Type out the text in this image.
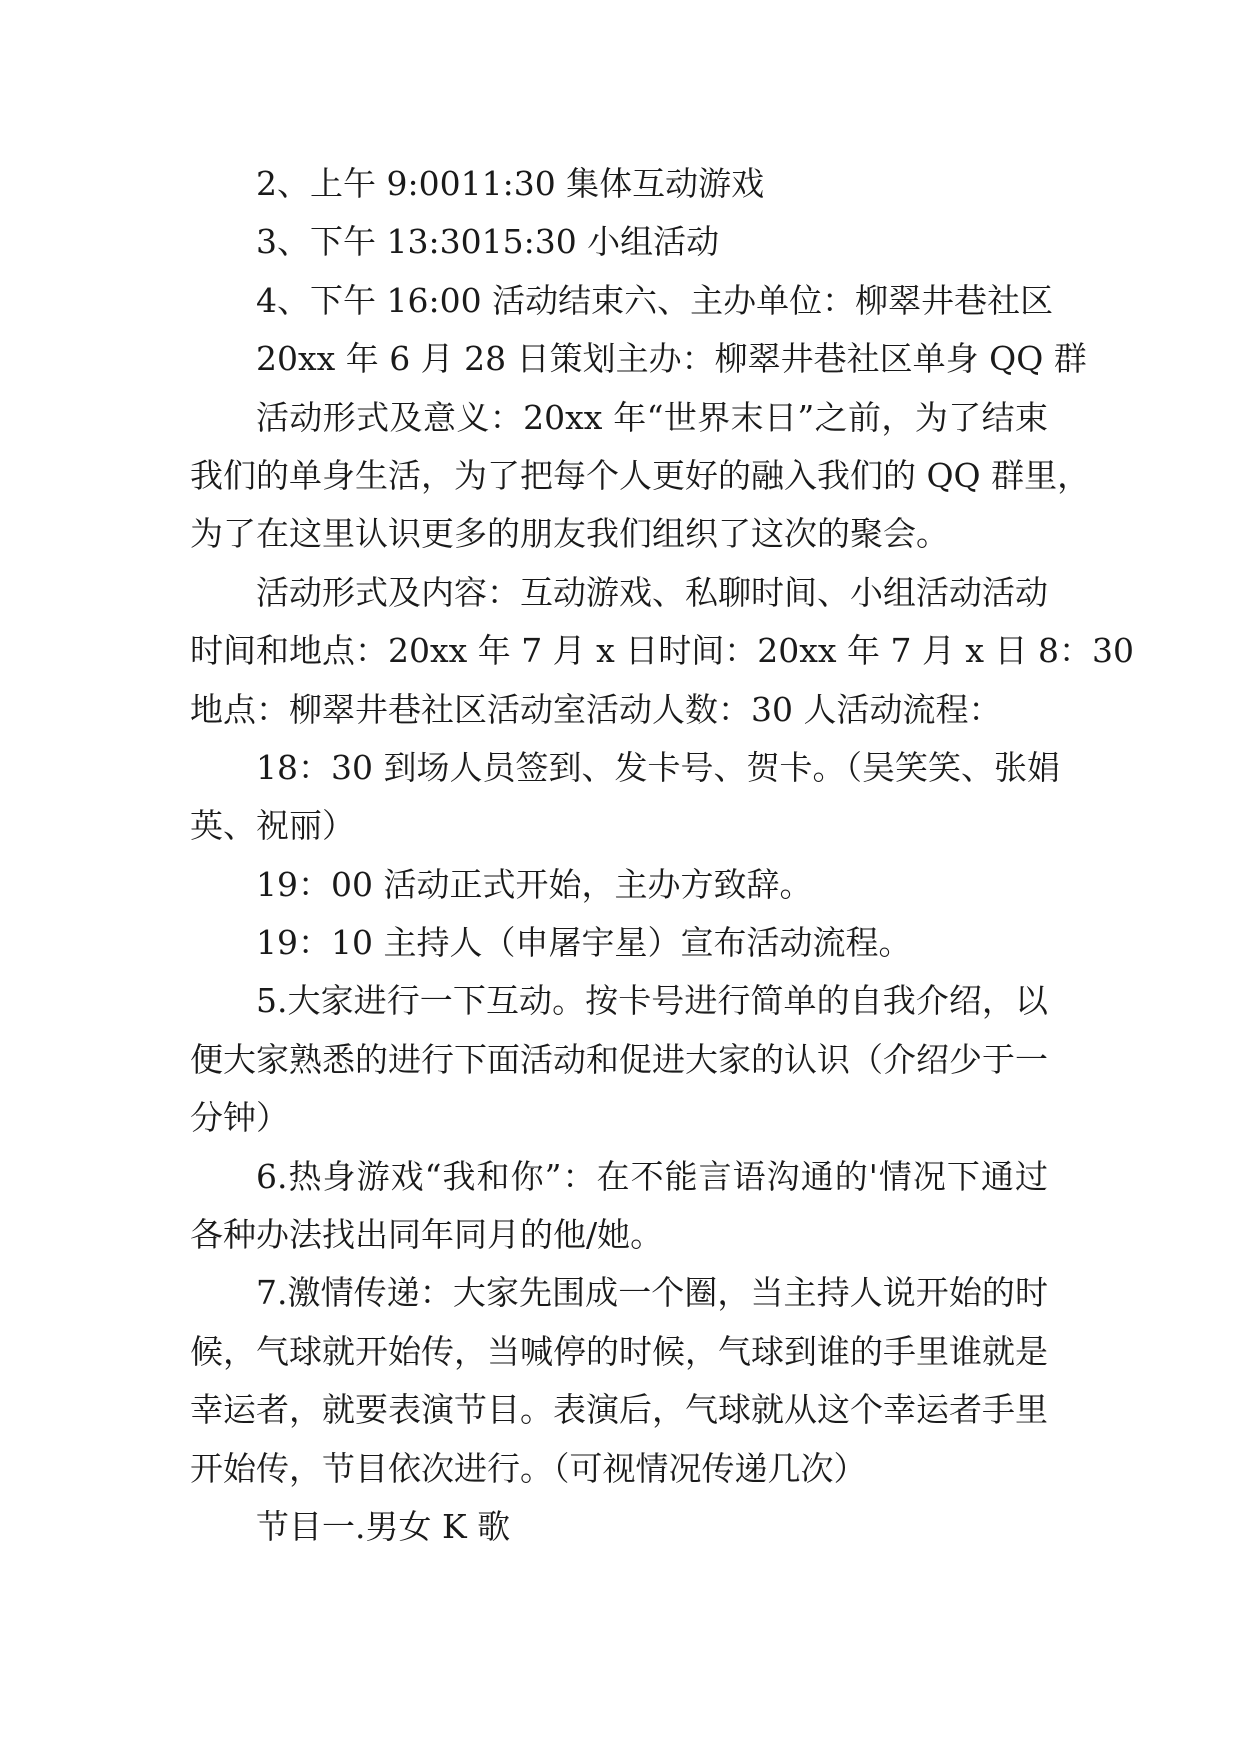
2、上午 9:0011:30 集体互动游戏
3、下午 13:3015:30 小组活动
4、下午 16:00 活动结束六、主办单位：柳翠井巷社区
20xx 年 6 月 28 日策划主办：柳翠井巷社区单身 QQ 群
活动形式及意义：20xx 年“世界末日”之前，为了结束
我们的单身生活，为了把每个人更好的融入我们的 QQ 群里，
为了在这里认识更多的朋友我们组织了这次的聚会。
活动形式及内容：互动游戏、私聊时间、小组活动活动
时间和地点：20xx 年 7 月 x 日时间：20xx 年 7 月 x 日 8：30
地点：柳翠井巷社区活动室活动人数：30 人活动流程：
18：30 到场人员签到、发卡号、贺卡。（吴笑笑、张娟
英、祝丽）
19：00 活动正式开始，主办方致辞。
19：10 主持人（申屠宇星）宣布活动流程。
5.大家进行一下互动。按卡号进行简单的自我介绍，以
便大家熟悉的进行下面活动和促进大家的认识（介绍少于一
分钟）
6.热身游戏“我和你”：在不能言语沟通的'情况下通过
各种办法找出同年同月的他/她。
7.激情传递：大家先围成一个圈，当主持人说开始的时
候，气球就开始传，当喊停的时候，气球到谁的手里谁就是
幸运者，就要表演节目。表演后，气球就从这个幸运者手里
开始传，节目依次进行。（可视情况传递几次）
节目一.男女 K 歌
